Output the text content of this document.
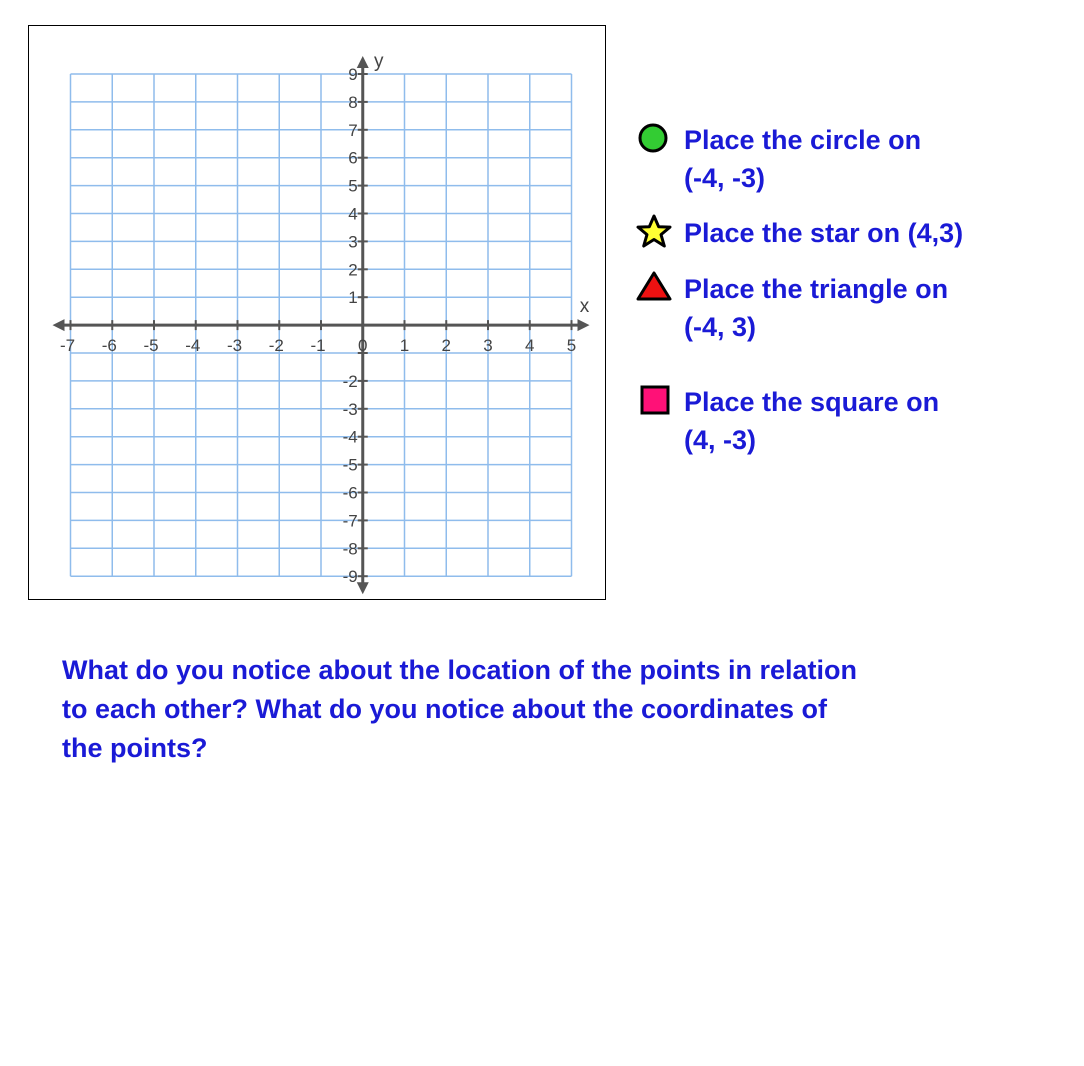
-7 -6 -5 -4 -3 -2 -1	1 2 3 4 5
0
9
8
7
6
5
4
3
2
1
-2
-3
-4
-5
-6
-7
-8
-9
x
y
Place the circle on
(-4, -3)
Place the star on (4,3)
Place the triangle on
(-4, 3)
Place the square on
(4, -3)
What do you notice about the location of the points in relation
to each other? What do you notice about the coordinates of
the points?
